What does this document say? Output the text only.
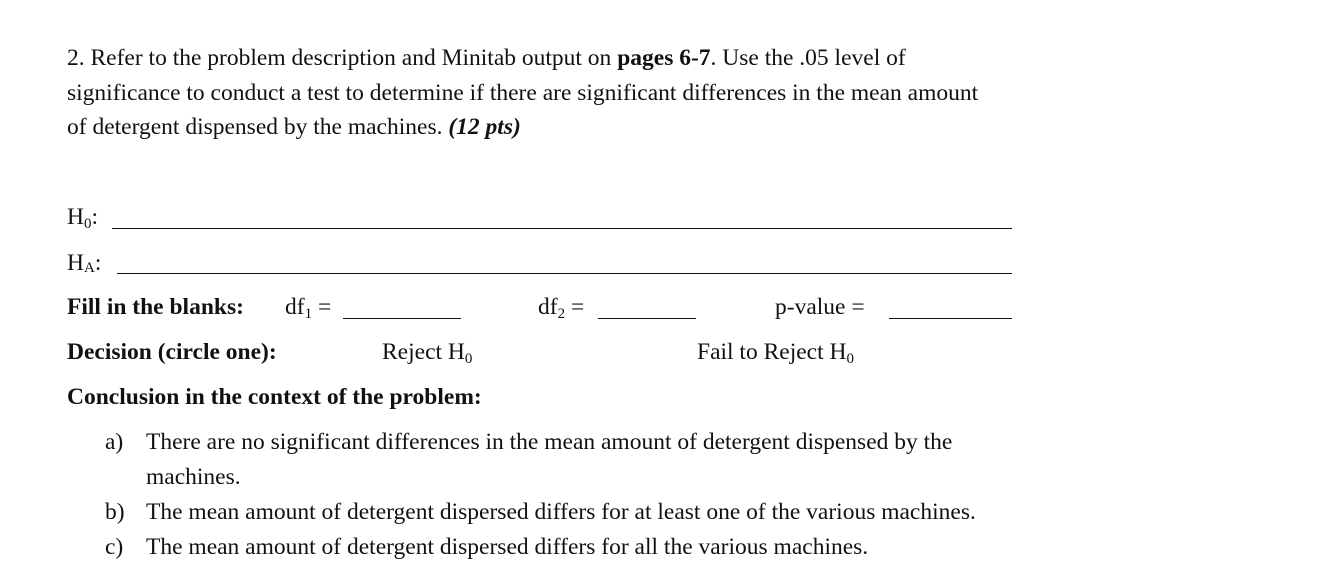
2. Refer to the problem description and Minitab output on pages 6-7. Use the .05 level of
significance to conduct a test to determine if there are significant differences in the mean amount
of detergent dispensed by the machines. (12 pts)
$H_0$:
HA:
Fill in the blanks: $df_1$ =	$df_2$ =	p-value =
Decision (circle one):	Reject $H_0$	Fail to Reject $H_0$
Conclusion in the context of the problem:
a) There are no significant differences in the mean amount of detergent dispensed by the
machines.
b) The mean amount of detergent dispersed differs for at least one of the various machines.
c) The mean amount of detergent dispersed differs for all the various machines.
